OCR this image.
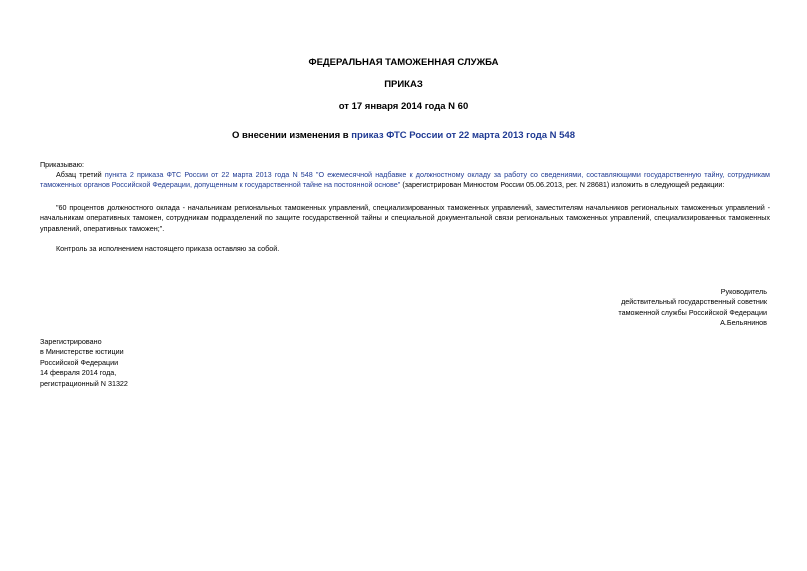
ФЕДЕРАЛЬНАЯ ТАМОЖЕННАЯ СЛУЖБА
ПРИКАЗ
от 17 января 2014 года N 60
О внесении изменения в приказ ФТС России от 22 марта 2013 года N 548
Приказываю:
Абзац третий пункта 2 приказа ФТС России от 22 марта 2013 года N 548 "О ежемесячной надбавке к должностному окладу за работу со сведениями, составляющими государственную тайну, сотрудникам таможенных органов Российской Федерации, допущенным к государственной тайне на постоянной основе" (зарегистрирован Минюстом России 05.06.2013, рег. N 28681) изложить в следующей редакции:
"60 процентов должностного оклада - начальникам региональных таможенных управлений, специализированных таможенных управлений, заместителям начальников региональных таможенных управлений - начальникам оперативных таможен, сотрудникам подразделений по защите государственной тайны и специальной документальной связи региональных таможенных управлений, специализированных таможенных управлений, оперативных таможен;".
Контроль за исполнением настоящего приказа оставляю за собой.
Руководитель
действительный государственный советник
таможенной службы Российской Федерации
А.Бельянинов
Зарегистрировано
в Министерстве юстиции
Российской Федерации
14 февраля 2014 года,
регистрационный N 31322
